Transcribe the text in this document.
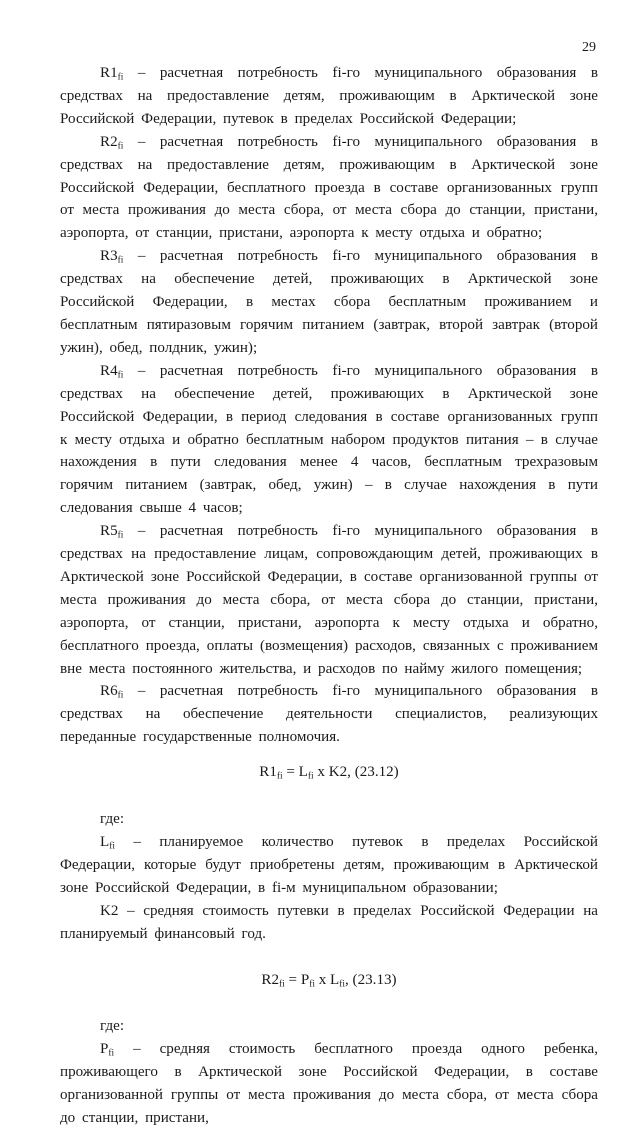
29

$R1_{fi}$ – расчетная потребность fi-го муниципального образования в средствах на предоставление детям, проживающим в Арктической зоне Российской Федерации, путевок в пределах Российской Федерации;

$R2_{fi}$ – расчетная потребность fi-го муниципального образования в средствах на предоставление детям, проживающим в Арктической зоне Российской Федерации, бесплатного проезда в составе организованных групп от места проживания до места сбора, от места сбора до станции, пристани, аэропорта, от станции, пристани, аэропорта к месту отдыха и обратно;

$R3_{fi}$ – расчетная потребность fi-го муниципального образования в средствах на обеспечение детей, проживающих в Арктической зоне Российской Федерации, в местах сбора бесплатным проживанием и бесплатным пятиразовым горячим питанием (завтрак, второй завтрак (второй ужин), обед, полдник, ужин);

$R4_{fi}$ – расчетная потребность fi-го муниципального образования в средствах на обеспечение детей, проживающих в Арктической зоне Российской Федерации, в период следования в составе организованных групп к месту отдыха и обратно бесплатным набором продуктов питания – в случае нахождения в пути следования менее 4 часов, бесплатным трехразовым горячим питанием (завтрак, обед, ужин) – в случае нахождения в пути следования свыше 4 часов;

$R5_{fi}$ – расчетная потребность fi-го муниципального образования в средствах на предоставление лицам, сопровождающим детей, проживающих в Арктической зоне Российской Федерации, в составе организованной группы от места проживания до места сбора, от места сбора до станции, пристани, аэропорта, от станции, пристани, аэропорта к месту отдыха и обратно, бесплатного проезда, оплаты (возмещения) расходов, связанных с проживанием вне места постоянного жительства, и расходов по найму жилого помещения;

$R6_{fi}$ – расчетная потребность fi-го муниципального образования в средствах на обеспечение деятельности специалистов, реализующих переданные государственные полномочия.

$R1_{fi} = L_{fi}$ x K2, (23.12)

где:

$L_{fi}$ – планируемое количество путевок в пределах Российской Федерации, которые будут приобретены детям, проживающим в Арктической зоне Российской Федерации, в fi-м муниципальном образовании;

K2 – средняя стоимость путевки в пределах Российской Федерации на планируемый финансовый год.

$R2_{fi} = P_{fi}$ x $L_{fi}$, (23.13)

где:

$P_{fi}$ – средняя стоимость бесплатного проезда одного ребенка, проживающего в Арктической зоне Российской Федерации, в составе организованной группы от места проживания до места сбора, от места сбора до станции, пристани,
